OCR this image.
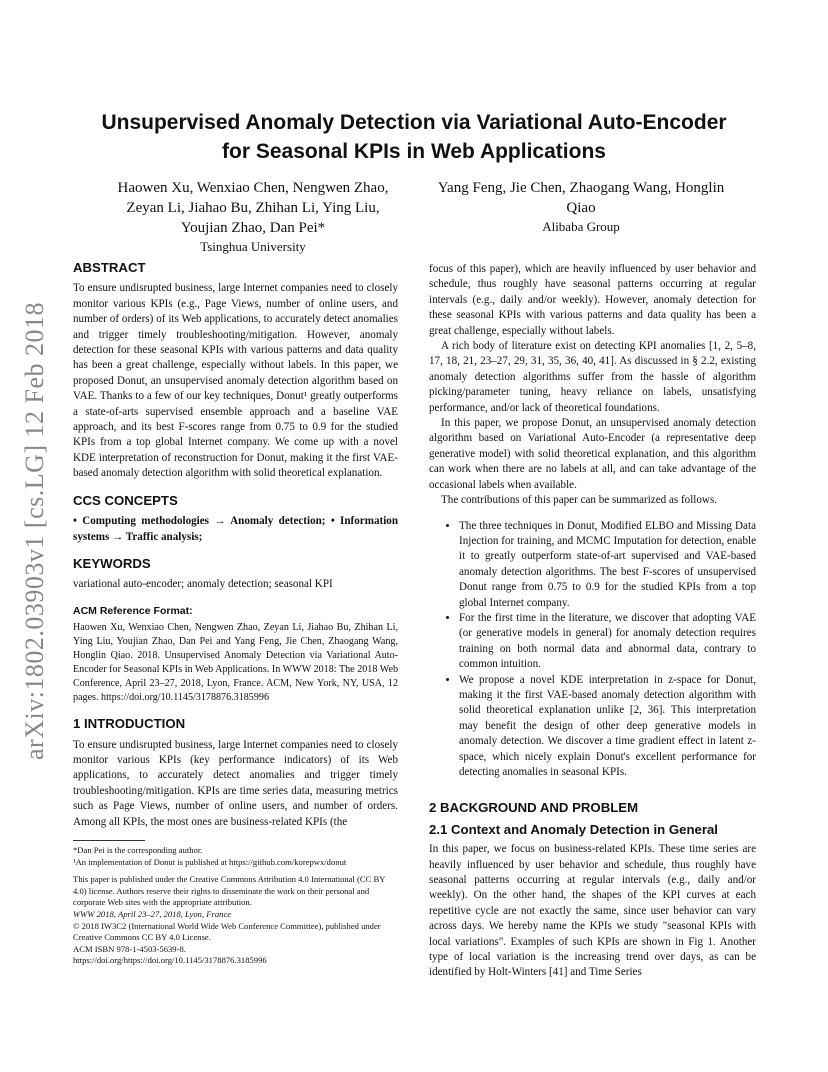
Unsupervised Anomaly Detection via Variational Auto-Encoder
for Seasonal KPIs in Web Applications
Haowen Xu, Wenxiao Chen, Nengwen Zhao,
Zeyan Li, Jiahao Bu, Zhihan Li, Ying Liu,
Youjian Zhao, Dan Pei*
Tsinghua University
Yang Feng, Jie Chen, Zhaogang Wang, Honglin
Qiao
Alibaba Group
arXiv:1802.03903v1 [cs.LG] 12 Feb 2018
ABSTRACT

To ensure undisrupted business, large Internet companies need to closely monitor various KPIs (e.g., Page Views, number of online users, and number of orders) of its Web applications, to accurately detect anomalies and trigger timely troubleshooting/mitigation. However, anomaly detection for these seasonal KPIs with various patterns and data quality has been a great challenge, especially without labels. In this paper, we proposed Donut, an unsupervised anomaly detection algorithm based on VAE. Thanks to a few of our key techniques, Donut¹ greatly outperforms a state-of-arts supervised ensemble approach and a baseline VAE approach, and its best F-scores range from 0.75 to 0.9 for the studied KPIs from a top global Internet company. We come up with a novel KDE interpretation of reconstruction for Donut, making it the first VAE-based anomaly detection algorithm with solid theoretical explanation.

CCS CONCEPTS

• Computing methodologies → Anomaly detection; • Information systems → Traffic analysis;

KEYWORDS

variational auto-encoder; anomaly detection; seasonal KPI

ACM Reference Format:

Haowen Xu, Wenxiao Chen, Nengwen Zhao, Zeyan Li, Jiahao Bu, Zhihan Li, Ying Liu, Youjian Zhao, Dan Pei and Yang Feng, Jie Chen, Zhaogang Wang, Honglin Qiao. 2018. Unsupervised Anomaly Detection via Variational Auto-Encoder for Seasonal KPIs in Web Applications. In WWW 2018: The 2018 Web Conference, April 23–27, 2018, Lyon, France. ACM, New York, NY, USA, 12 pages. https://doi.org/10.1145/3178876.3185996

1 INTRODUCTION

To ensure undisrupted business, large Internet companies need to closely monitor various KPIs (key performance indicators) of its Web applications, to accurately detect anomalies and trigger timely troubleshooting/mitigation. KPIs are time series data, measuring metrics such as Page Views, number of online users, and number of orders. Among all KPIs, the most ones are business-related KPIs (the

*Dan Pei is the corresponding author.

¹An implementation of Donut is published at https://github.com/korepwx/donut

This paper is published under the Creative Commons Attribution 4.0 International (CC BY 4.0) license. Authors reserve their rights to disseminate the work on their personal and corporate Web sites with the appropriate attribution.

WWW 2018, April 23–27, 2018, Lyon, France

© 2018 IW3C2 (International World Wide Web Conference Committee), published under Creative Commons CC BY 4.0 License.

ACM ISBN 978-1-4503-5639-8.

https://doi.org/https://doi.org/10.1145/3178876.3185996

focus of this paper), which are heavily influenced by user behavior and schedule, thus roughly have seasonal patterns occurring at regular intervals (e.g., daily and/or weekly). However, anomaly detection for these seasonal KPIs with various patterns and data quality has been a great challenge, especially without labels.

A rich body of literature exist on detecting KPI anomalies [1, 2, 5–8, 17, 18, 21, 23–27, 29, 31, 35, 36, 40, 41]. As discussed in § 2.2, existing anomaly detection algorithms suffer from the hassle of algorithm picking/parameter tuning, heavy reliance on labels, unsatisfying performance, and/or lack of theoretical foundations.

In this paper, we propose Donut, an unsupervised anomaly detection algorithm based on Variational Auto-Encoder (a representative deep generative model) with solid theoretical explanation, and this algorithm can work when there are no labels at all, and can take advantage of the occasional labels when available.

The contributions of this paper can be summarized as follows.

• The three techniques in Donut, Modified ELBO and Missing Data Injection for training, and MCMC Imputation for detection, enable it to greatly outperform state-of-art supervised and VAE-based anomaly detection algorithms. The best F-scores of unsupervised Donut range from 0.75 to 0.9 for the studied KPIs from a top global Internet company.
• For the first time in the literature, we discover that adopting VAE (or generative models in general) for anomaly detection requires training on both normal data and abnormal data, contrary to common intuition.
• We propose a novel KDE interpretation in z-space for Donut, making it the first VAE-based anomaly detection algorithm with solid theoretical explanation unlike [2, 36]. This interpretation may benefit the design of other deep generative models in anomaly detection. We discover a time gradient effect in latent z-space, which nicely explain Donut's excellent performance for detecting anomalies in seasonal KPIs.
2 BACKGROUND AND PROBLEM
2.1 Context and Anomaly Detection in General

In this paper, we focus on business-related KPIs. These time series are heavily influenced by user behavior and schedule, thus roughly have seasonal patterns occurring at regular intervals (e.g., daily and/or weekly). On the other hand, the shapes of the KPI curves at each repetitive cycle are not exactly the same, since user behavior can vary across days. We hereby name the KPIs we study "seasonal KPIs with local variations". Examples of such KPIs are shown in Fig 1. Another type of local variation is the increasing trend over days, as can be identified by Holt-Winters [41] and Time Series
